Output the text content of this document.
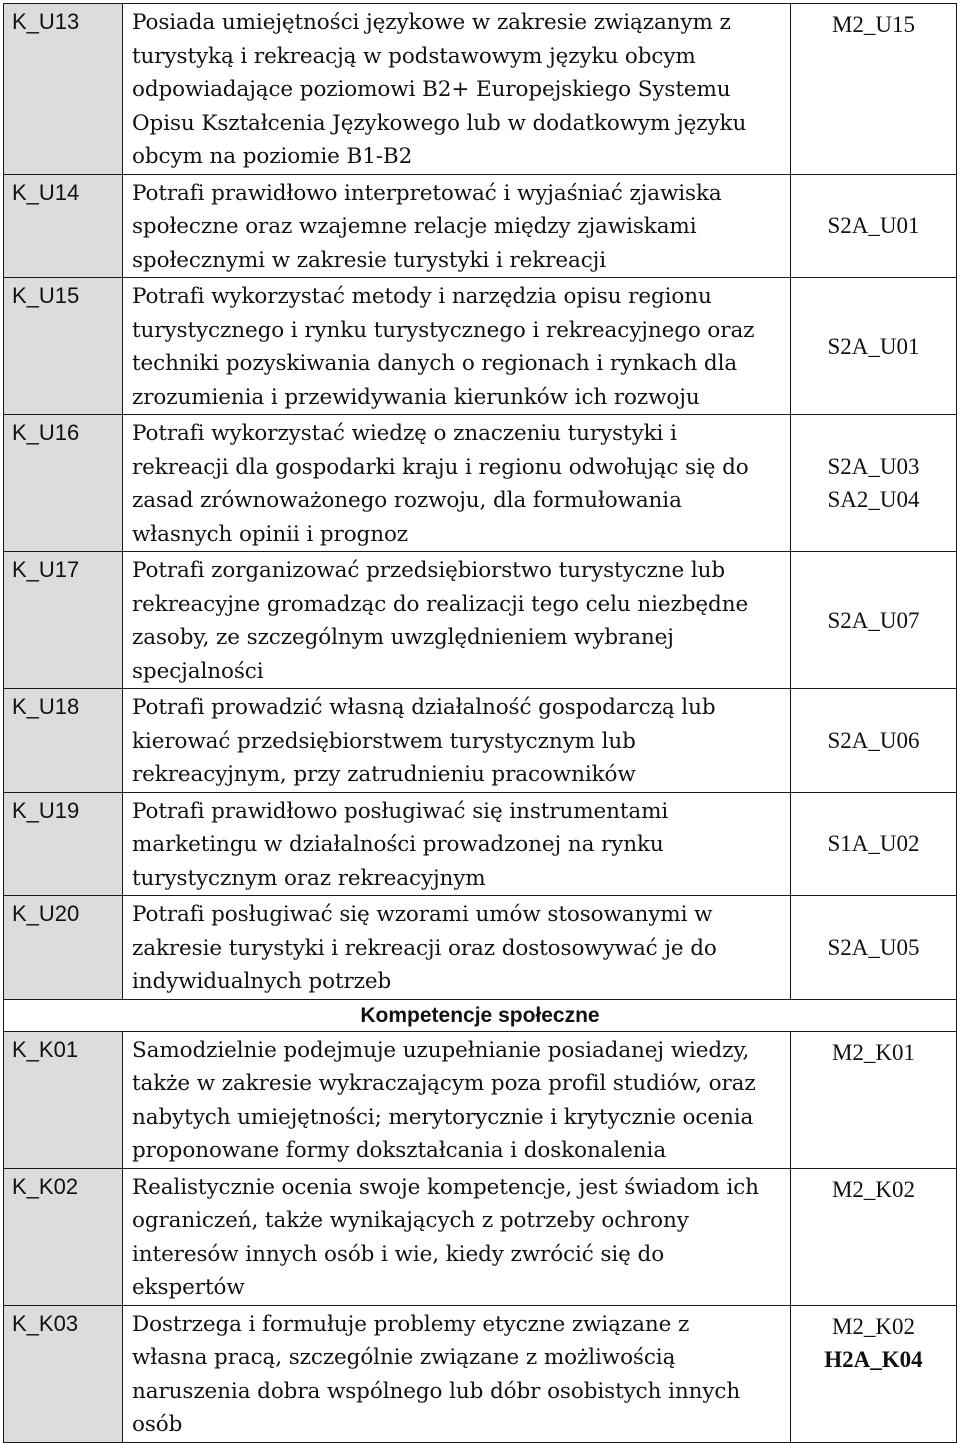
K_U13	Posiada umiejętności językowe w zakresie związanym z
turystyką i rekreacją w podstawowym języku obcym
odpowiadające poziomowi B2+ Europejskiego Systemu
Opisu Kształcenia Językowego lub w dodatkowym języku
obcym na poziomie B1-B2	M2_U15

K_U14	Potrafi prawidłowo interpretować i wyjaśniać zjawiska
społeczne oraz wzajemne relacje między zjawiskami
społecznymi w zakresie turystyki i rekreacji	S2A_U01

K_U15	Potrafi wykorzystać metody i narzędzia opisu regionu
turystycznego i rynku turystycznego i rekreacyjnego oraz
techniki pozyskiwania danych o regionach i rynkach dla
zrozumienia i przewidywania kierunków ich rozwoju	S2A_U01

K_U16	Potrafi wykorzystać wiedzę o znaczeniu turystyki i
rekreacji dla gospodarki kraju i regionu odwołując się do
zasad zrównoważonego rozwoju, dla formułowania
własnych opinii i prognoz	S2A_U03
SA2_U04

K_U17	Potrafi zorganizować przedsiębiorstwo turystyczne lub
rekreacyjne gromadząc do realizacji tego celu niezbędne
zasoby, ze szczególnym uwzględnieniem wybranej
specjalności	S2A_U07

K_U18	Potrafi prowadzić własną działalność gospodarczą lub
kierować przedsiębiorstwem turystycznym lub
rekreacyjnym, przy zatrudnieniu pracowników	S2A_U06

K_U19	Potrafi prawidłowo posługiwać się instrumentami
marketingu w działalności prowadzonej na rynku
turystycznym oraz rekreacyjnym	S1A_U02

K_U20	Potrafi posługiwać się wzorami umów stosowanymi w
zakresie turystyki i rekreacji oraz dostosowywać je do
indywidualnych potrzeb	S2A_U05

Kompetencje społeczne		
K_K01	Samodzielnie podejmuje uzupełnianie posiadanej wiedzy,
także w zakresie wykraczającym poza profil studiów, oraz
nabytych umiejętności; merytorycznie i krytycznie ocenia
proponowane formy dokształcania i doskonalenia	M2_K01

K_K02	Realistycznie ocenia swoje kompetencje, jest świadom ich
ograniczeń, także wynikających z potrzeby ochrony
interesów innych osób i wie, kiedy zwrócić się do
ekspertów	M2_K02

K_K03	Dostrzega i formułuje problemy etyczne związane z
własna pracą, szczególnie związane z możliwością
naruszenia dobra wspólnego lub dóbr osobistych innych
osób	M2_K02
H2A_K04
